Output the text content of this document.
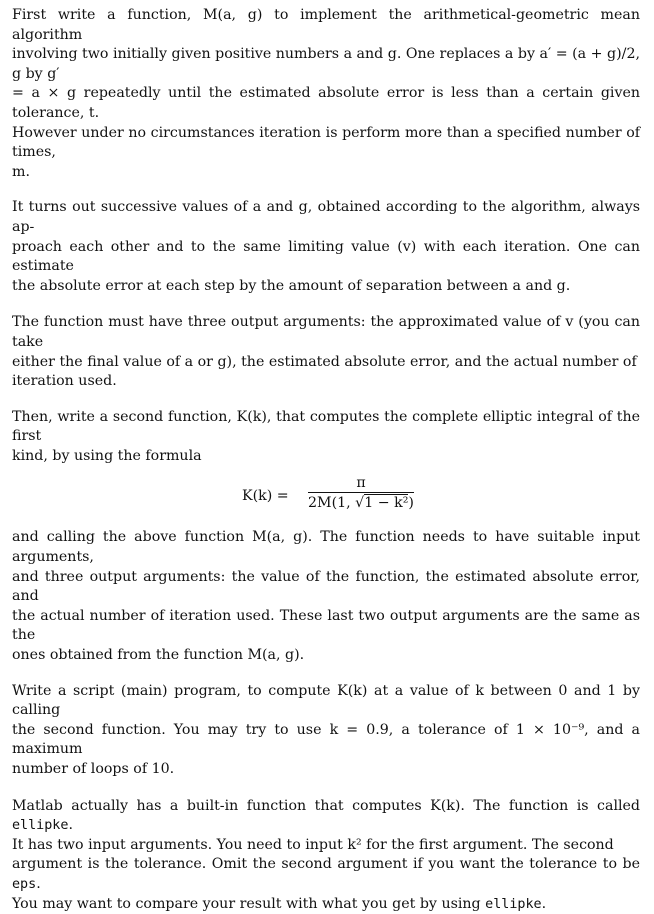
First write a function, M(a, g) to implement the arithmetical-geometric mean algorithm

involving two initially given positive numbers a and g. One replaces a by a′ = (a + g)/2, g by g′

= a × g repeatedly until the estimated absolute error is less than a certain given tolerance, t.

However under no circumstances iteration is perform more than a specified number of times,

m.

It turns out successive values of a and g, obtained according to the algorithm, always ap-

proach each other and to the same limiting value (v) with each iteration. One can estimate

the absolute error at each step by the amount of separation between a and g.

The function must have three output arguments: the approximated value of v (you can take

either the final value of a or g), the estimated absolute error, and the actual number of

iteration used.

Then, write a second function, K(k), that computes the complete elliptic integral of the first

kind, by using the formula

K(k) =
π
2M(1, √1 − k²)

and calling the above function M(a, g). The function needs to have suitable input arguments,

and three output arguments: the value of the function, the estimated absolute error, and

the actual number of iteration used. These last two output arguments are the same as the

ones obtained from the function M(a, g).

Write a script (main) program, to compute K(k) at a value of k between 0 and 1 by calling

the second function. You may try to use k = 0.9, a tolerance of 1 × 10⁻⁹, and a maximum

number of loops of 10.

Matlab actually has a built-in function that computes K(k). The function is called ellipke.

It has two input arguments. You need to input k² for the first argument. The second

argument is the tolerance. Omit the second argument if you want the tolerance to be eps.

You may want to compare your result with what you get by using ellipke.
